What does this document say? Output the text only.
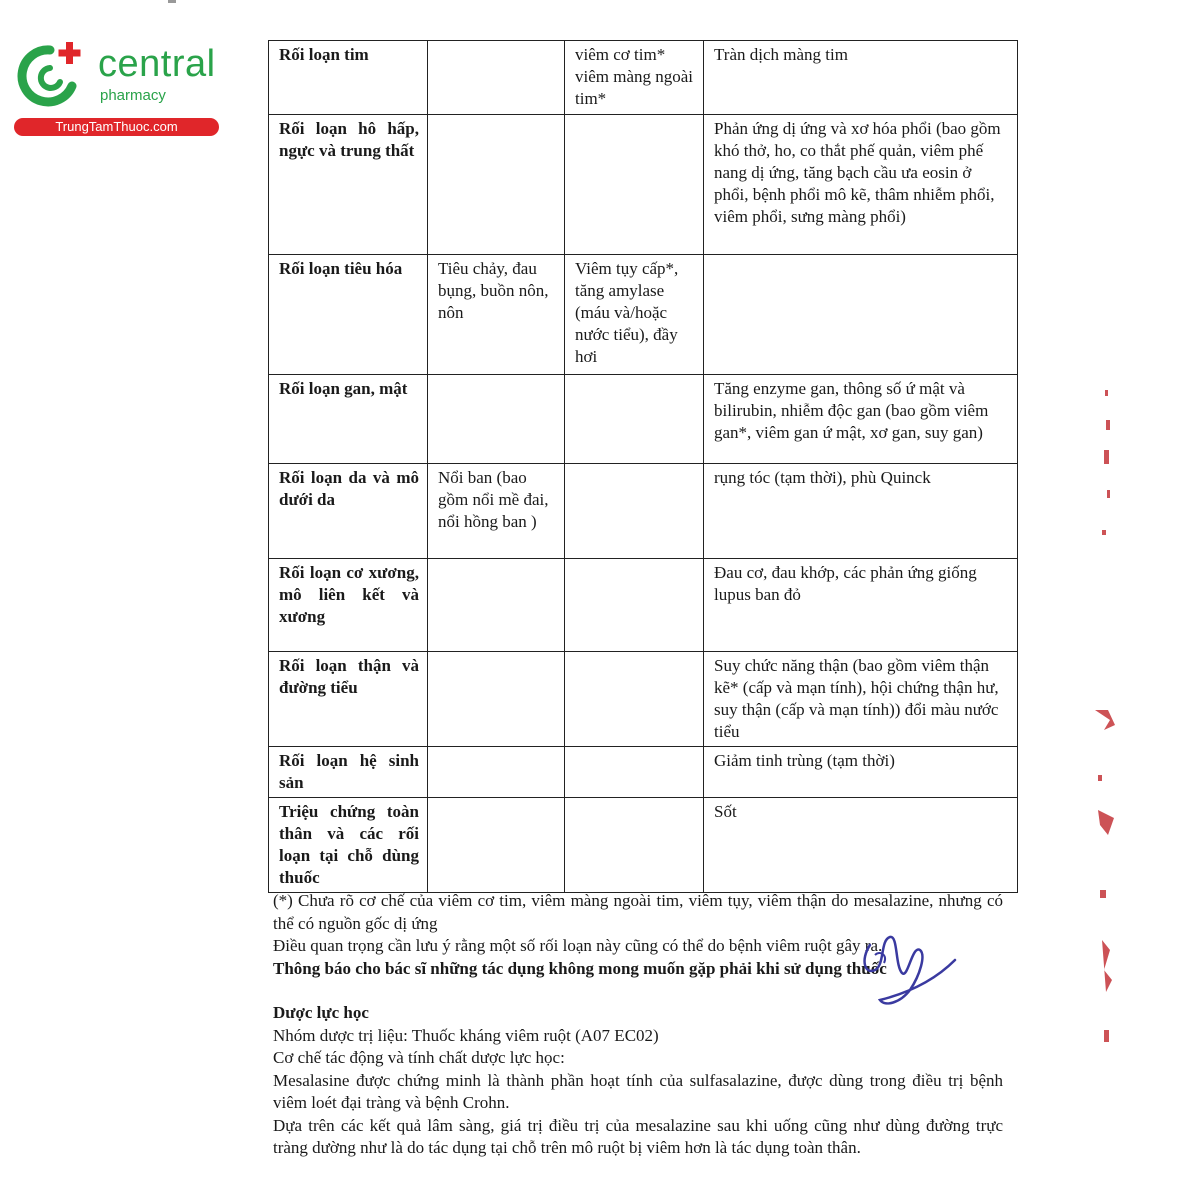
central
pharmacy
TrungTamThuoc.com
Rối loạn tim		viêm cơ tim* viêm màng ngoài tim*	Tràn dịch màng tim
Rối loạn hô hấp, ngực và trung thất			Phản ứng dị ứng và xơ hóa phổi (bao gồm khó thở, ho, co thắt phế quản, viêm phế nang dị ứng, tăng bạch cầu ưa eosin ở phổi, bệnh phổi mô kẽ, thâm nhiễm phổi, viêm phổi, sưng màng phổi)
Rối loạn tiêu hóa	Tiêu chảy, đau bụng, buồn nôn, nôn	Viêm tụy cấp*, tăng amylase (máu và/hoặc nước tiểu), đầy hơi	
Rối loạn gan, mật			Tăng enzyme gan, thông số ứ mật và bilirubin, nhiễm độc gan (bao gồm viêm gan*, viêm gan ứ mật, xơ gan, suy gan)
Rối loạn da và mô dưới da	Nổi ban (bao gồm nổi mề đai, nổi hồng ban )		rụng tóc (tạm thời), phù Quinck
Rối loạn cơ xương, mô liên kết và xương			Đau cơ, đau khớp, các phản ứng giống lupus ban đỏ
Rối loạn thận và đường tiểu			Suy chức năng thận (bao gồm viêm thận kẽ* (cấp và mạn tính), hội chứng thận hư, suy thận (cấp và mạn tính)) đổi màu nước tiểu
Rối loạn hệ sinh sản			Giảm tinh trùng (tạm thời)
Triệu chứng toàn thân và các rối loạn tại chỗ dùng thuốc			Sốt

(*) Chưa rõ cơ chế của viêm cơ tim, viêm màng ngoài tim, viêm tụy, viêm thận do mesalazine, nhưng có thể có nguồn gốc dị ứng

Điều quan trọng cần lưu ý rằng một số rối loạn này cũng có thể do bệnh viêm ruột gây ra.

Thông báo cho bác sĩ những tác dụng không mong muốn gặp phải khi sử dụng thuốc

Dược lực học

Nhóm dược trị liệu: Thuốc kháng viêm ruột (A07 EC02)

Cơ chế tác động và tính chất dược lực học:

Mesalasine được chứng minh là thành phần hoạt tính của sulfasalazine, được dùng trong điều trị bệnh viêm loét đại tràng và bệnh Crohn.

Dựa trên các kết quả lâm sàng, giá trị điều trị của mesalazine sau khi uống cũng như dùng đường trực tràng dường như là do tác dụng tại chỗ trên mô ruột bị viêm hơn là tác dụng toàn thân.
